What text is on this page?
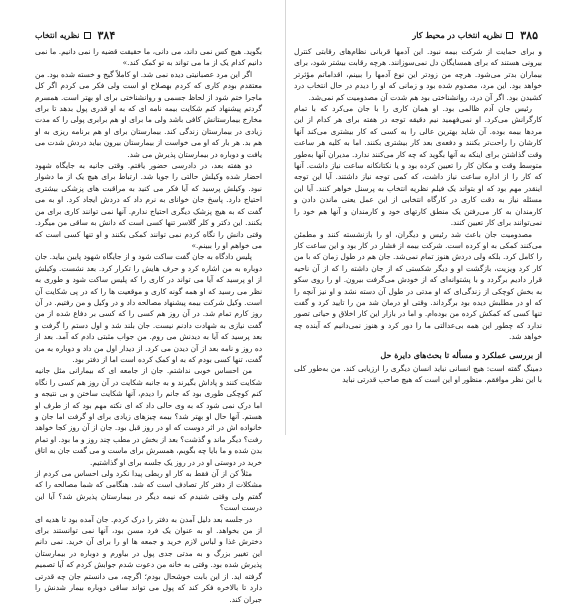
۳۸۴
نظریه انتخاب

بگوید. هیچ کس نمی داند، می دانی، ما حقیقت قضیه را نمی دانیم. ما نمی دانیم کدام یک از ما می تواند به تو کمک کند.»

اگر این مرد عصبانیتی دیده نمی شد. او کاملاً گیج و خسته شده بود. من معتقدم بودم کاری که کردم بهصلاح او است ولی فکر می کردم اگر کل ماجرا ختم شود از لحاظ جسمی و روانشناختی برای او بهتر است. همسرم گردتم پیشنهاد کنم شکایت بیمه نامه ای که به او قدری پول بدهد تا برای مخارج بیمارستانش کافی باشد ولی ما برای او هم برابری پولی را که مدت زیادی در بیمارستان زندگی کند. بیمارستان برای او هم برنامه ریزی به او هم بد. هر بار که او می خواست از بیمارستان بیرون بیاید دردش شدت می یافت و دوباره در بیمارستان پذیرش می شد.

دو هفته بعد، در دادرسی حضور یافتم. وقتی جانیه به جایگاه شهود احضار شده وکیلش حالتی را جویا شد. ارتباط برای هیچ یک از ما دشوار نبود. وکیلش پرسید که آیا فکر می کنید به مراقبت های پزشکی بیشتری احتیاج دارد. پاسخ جان خوانای به نرم داد که دردش ایجاد کرد. او به می گفت که به هیچ پزشک دیگری احتیاج ندارم. آنها نمی توانند کاری برای من بکنند. این دکتر و کلر گلاسر تنها کسی است که دانش به ساقی من میگرد. وقتی دانش را نگاه کردم نمی توانند کمکی بکنند و او تنها کسی است که می خواهم او را ببینم.»

پلیس دادگاه به جان گفت ساکت شود و از جایگاه شهود پایین بیاید. جان دوباره به من اشاره کرد و حرف هایش را تکرار کرد. بعد نشست. وکیلش از او پرسید که آیا می تواند در کاری را که پلیس ساکت شود و طوری به نظر می رسید که او همه گونه کاری و موقعیت ها را که در پی شکایت آن است. وکیل شرکت بیمه پیشنهاد مصالحه داد و در وکیل و من رفتیم. در آن روز کارم تمام شد. در آن روز هم کسی را که کسی بر دفاع شده از من گفت نیازی به شهادت دادنم نیست. جان بلند شد و اول دستم را گرفت و بعد پرسید که آیا به دیدنش می روم. من جواب مثبتی دادم که آمد. بعد از ده روز و نامه بعد از آن دیدن می کرد. از دیدار اول من داد و دوباره به من گفت، تنها کسی بودم که به او کمک کرده است اما از دفتر بود.

من احساس خوبی نداشتم. جان از جامعه ای که بیمارانی مثل جانیه شکایت کنند و پاداش بگیرند و به جانبه شکایت در آن روز هم کسی را نگاه کنم کوچکی طوری بود که جانم را دیدم، آنها شکایت ساختن و بی نتیجه و اما درک نمی شود که به وی حالی داد که ای نکته مهم بود که از طرف او هستم. آنها حال او بهتر شد؟ بیمه چیزهای زیادی برای او گرفت اما جان و خانواده اش در اثر دوست که او در روز قبل بود. جان از آن روز کجا خواهد رفت؟ دیگر ماند و گذشت؟ بعد از بخش در مطب چند روز و ما بود. او تمام بدن شده و ما بایا چه بگویم، همسرش برای ماست و می گفت جان به اتاق خرید در دوستی او در در روز یک جلسه برای او گذاشتیم.

مثلاً کن از آن فقط به کار او ربطی پیدا نکرد ولی احساس می کردم از مشکلات از دفتر کار تصادف است که شد. هنگامی که شما مصالحه را که گفتم ولی وقتی شنیدم که نیمه دیگر در بیمارستان پذیرش شد؟ آیا این درست است؟

در جلسه بعد دلیل آمدن به دفتر را درک کردم. جان آمده بود تا هدیه ای از من بخواهد. او به عنوان یک فرد مسن بود، آنها نمی توانستند برای دخترش غذا و لباس لازم خرید و جمعه ها او را برای آن خرید. نمی دانم این تغییر بزرگ و به مدتی جدی پول در بیاورم و دوباره در بیمارستان پذیرش شده بود. وقتی به خانه من دعوت شدم جوابش کردم که آیا تصمیم گرفته اید. از این بابت خوشحال بودم؛ اگرچه، می دانستم جان چه قدرتی دارد تا بالاخره فکر کند که پول می تواند ساقی دوباره بیمار شدنش را جبران کند.

۳۸۵
نظریه انتخاب در محیط کار

و برای حمایت از شرکت بیمه نبود. این آدمها قربانی نظام‌های رقابتی کنترل بیرونی هستند که برای همسایگان دل نمی‌سوزانند. هرچه رقابت بیشتر شود، برای بیماران بدتر می‌شود. هرچه من زودتر این نوع آدمها را ببینم، اقداماتم مؤثرتر خواهد بود. این مرد، مصدوم شده بود و زمانی که او را دیدم در حال انتخاب درد کشیدن بود. اگر آن درد، روانشناختی بود هم شدت آن مصدومیت کم نمی‌شد.

رئیس جان آدم ظالمی بود. او همان کاری را با جان می‌کرد که با تمام کارگرانش می‌کرد. او نمی‌فهمید نیم دقیقه توجه در هفته برای هر کدام از این مردها بیمه بوده. آن شاید بهترین عالی را به کسی که کار بیشتری می‌کند آنها کارشان را راحت‌تر بکنند و دفعه‌ی بعد کار بیشتری بکنند. اما به کلیه هر ساعت وقت گذاشتن برای اینکه به آنها بگوید که چه کار می‌کنند ندارد. مدیران آنها به‌طور متوسط وقت و مکان کار را تعیین کرده بود و یا نکتانکانه ساعت نیاز داشت. آنها که کار را از اداره ساعت نیاز داشت، که کمی توجه نیاز داشتند. آیا این توجه اینقدر مهم بود که او بتواند یک فیلم نظریه انتخاب به پرسنل خواهر کنند. آیا این مسئله نیاز به دقت کاری در کارگاه انتخابی از این عمل یعنی ماندن دادن و کارمندان به کار می‌رفتن یک منطق کارتهای خود و کارمندان و آنها هم خود را نمی‌توانند برای کار تعیین کنند.

مصدومیت جان باعث شد رئیس و دیگران، او را بازنشسته کنند و مطمئن می‌کنند کمکی به او کرده است. شرکت بیمه از فشار در کار بود و این ساعت کار را کامل کرد. بلکه ولی دردش هنوز تمام نمی‌شد. جان هم در طول زمان که با من کار کرد ویزیت، بازگشت او و دیگر شکستی که از جان داشته را که از آن ناحیه قرار دادیم برگردد و با پشتوانه‌ای که از خودش می‌گرفت بیرون. او را روی سکو به بخش کوچکی از زندگی‌ای که او مدتی در طول آن دسته نشد و او نیز آنچه را که او در مطلبش دیده بود برگرداند. وقتی او درمان شد من را تایید کرد و گفت تنها کسی که کمکش کرده من بوده‌ام. و اما در بازار این کار اخلاق و حیاتی تصور ندارد که چطور این همه بی‌عدالتی ما را دور کرد و هنوز نمی‌دانیم که آینده چه خواهد شد.

از بررسی عملکرد و مسأله تا بحث‌های دایرة حل

دمینگ گفته است: هیچ انسانی نباید انسان دیگری را ارزیابی کند. من به‌طور کلی با این نظر موافقم. منظور او این است که هیچ صاحب قدرتی نباید
